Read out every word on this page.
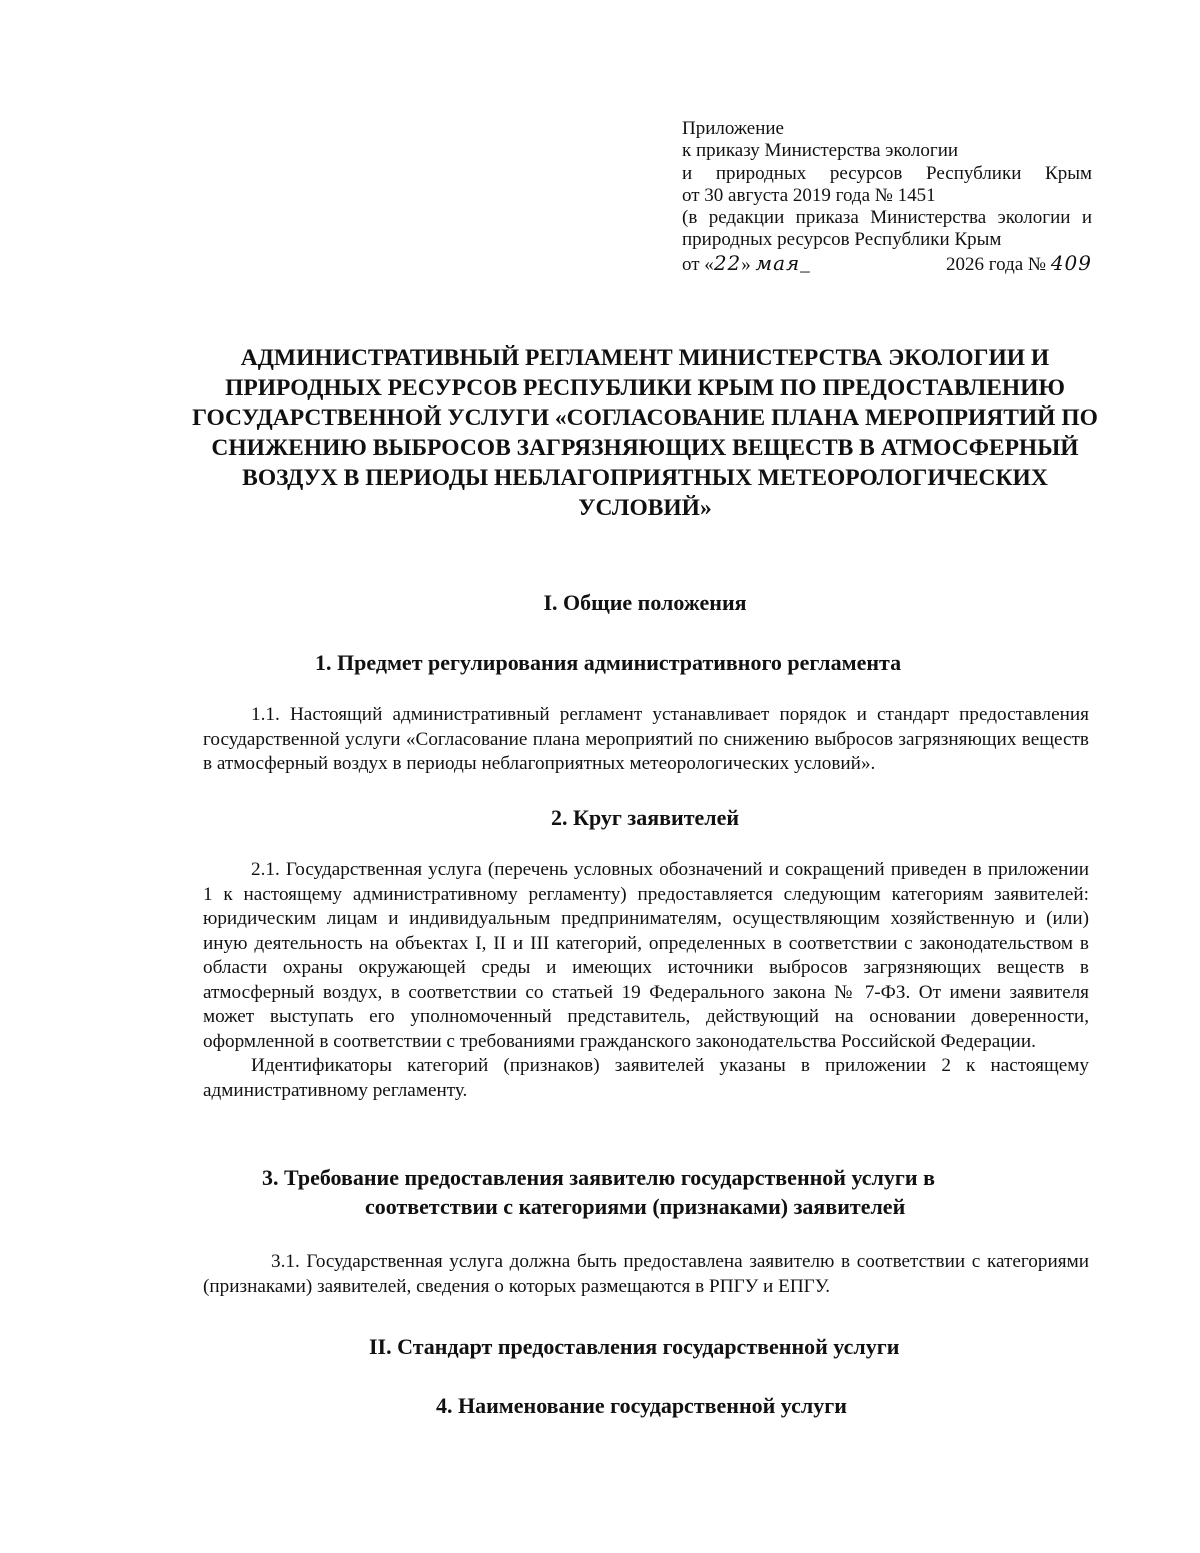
Приложение
к приказу Министерства экологии
и природных ресурсов Республики Крым
от 30 августа 2019 года № 1451
(в редакции приказа Министерства экологии и природных ресурсов Республики Крым
от «22» мая_	2026 года № 409
АДМИНИСТРАТИВНЫЙ РЕГЛАМЕНТ МИНИСТЕРСТВА ЭКОЛОГИИ И ПРИРОДНЫХ РЕСУРСОВ РЕСПУБЛИКИ КРЫМ ПО ПРЕДОСТАВЛЕНИЮ ГОСУДАРСТВЕННОЙ УСЛУГИ «СОГЛАСОВАНИЕ ПЛАНА МЕРОПРИЯТИЙ ПО СНИЖЕНИЮ ВЫБРОСОВ ЗАГРЯЗНЯЮЩИХ ВЕЩЕСТВ В АТМОСФЕРНЫЙ ВОЗДУХ В ПЕРИОДЫ НЕБЛАГОПРИЯТНЫХ МЕТЕОРОЛОГИЧЕСКИХ УСЛОВИЙ»
I. Общие положения
1. Предмет регулирования административного регламента
1.1. Настоящий административный регламент устанавливает порядок и стандарт предоставления государственной услуги «Согласование плана мероприятий по снижению выбросов загрязняющих веществ в атмосферный воздух в периоды неблагоприятных метеорологических условий».
2. Круг заявителей
2.1. Государственная услуга (перечень условных обозначений и сокращений приведен в приложении 1 к настоящему административному регламенту) предоставляется следующим категориям заявителей: юридическим лицам и индивидуальным предпринимателям, осуществляющим хозяйственную и (или) иную деятельность на объектах I, II и III категорий, определенных в соответствии с законодательством в области охраны окружающей среды и имеющих источники выбросов загрязняющих веществ в атмосферный воздух, в соответствии со статьей 19 Федерального закона № 7-ФЗ. От имени заявителя может выступать его уполномоченный представитель, действующий на основании доверенности, оформленной в соответствии с требованиями гражданского законодательства Российской Федерации.
Идентификаторы категорий (признаков) заявителей указаны в приложении 2 к настоящему административному регламенту.
3. Требование предоставления заявителю государственной услуги в
соответствии с категориями (признаками) заявителей
3.1. Государственная услуга должна быть предоставлена заявителю в соответствии с категориями (признаками) заявителей, сведения о которых размещаются в РПГУ и ЕПГУ.
II. Стандарт предоставления государственной услуги
4. Наименование государственной услуги
